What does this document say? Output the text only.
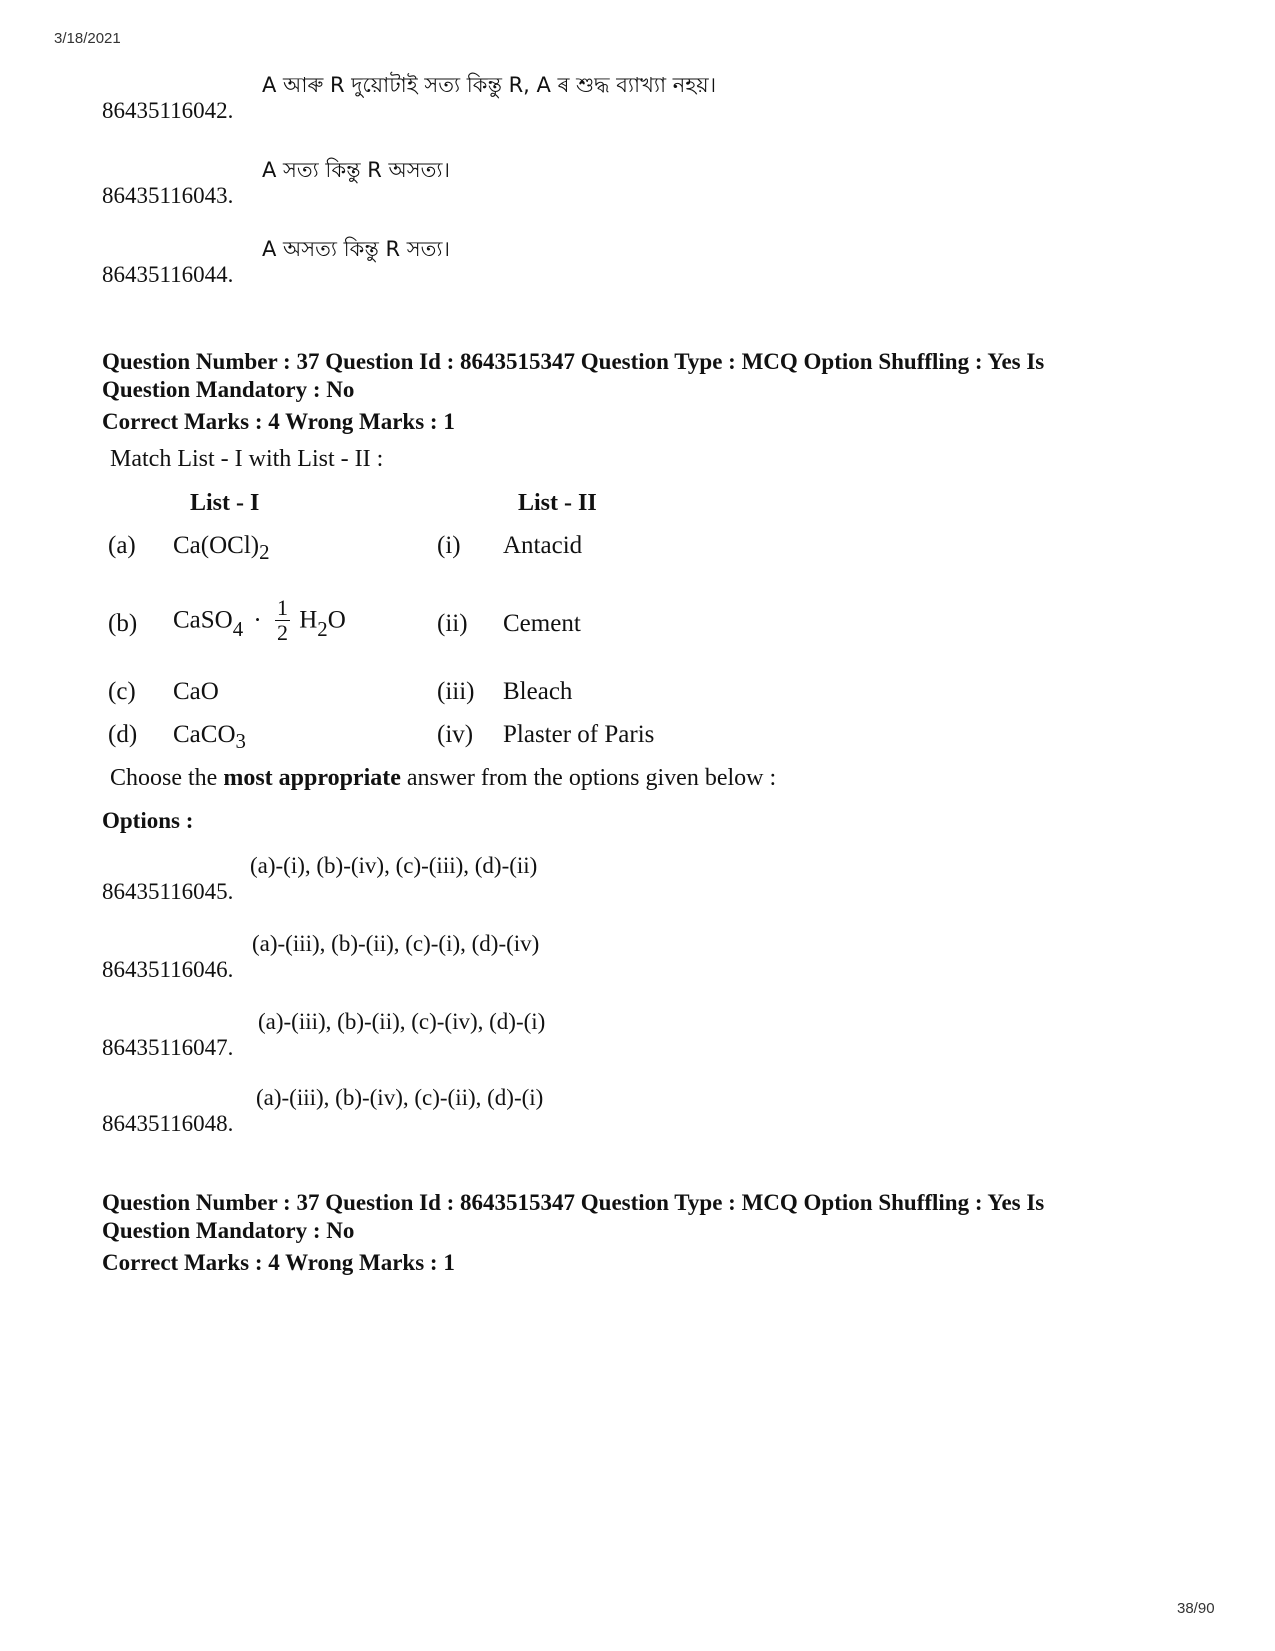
3/18/2021
86435116042.
A আৰু R দুয়োটাই সত্য কিন্তু R, A ৰ শুদ্ধ ব্যাখ্যা নহয়।
86435116043.
A সত্য কিন্তু R অসত্য।
86435116044.
A অসত্য কিন্তু R সত্য।
Question Number : 37 Question Id : 8643515347 Question Type : MCQ Option Shuffling : Yes Is
Question Mandatory : No
Correct Marks : 4 Wrong Marks : 1
Match List - I with List - II :
List - I	List - II
(a) $Ca(OCl)_2$	(i) Antacid
(b) CaSO$_4$ · $\frac{1}{2} H_2O$	(ii) Cement
(c) CaO	(iii) Bleach
(d) CaCO$_3$	(iv) Plaster of Paris
Choose the most appropriate answer from the options given below :
Options :
86435116045.
(a)-(i), (b)-(iv), (c)-(iii), (d)-(ii)
86435116046.
(a)-(iii), (b)-(ii), (c)-(i), (d)-(iv)
86435116047.
(a)-(iii), (b)-(ii), (c)-(iv), (d)-(i)
86435116048.
(a)-(iii), (b)-(iv), (c)-(ii), (d)-(i)
Question Number : 37 Question Id : 8643515347 Question Type : MCQ Option Shuffling : Yes Is
Question Mandatory : No
Correct Marks : 4 Wrong Marks : 1
38/90
